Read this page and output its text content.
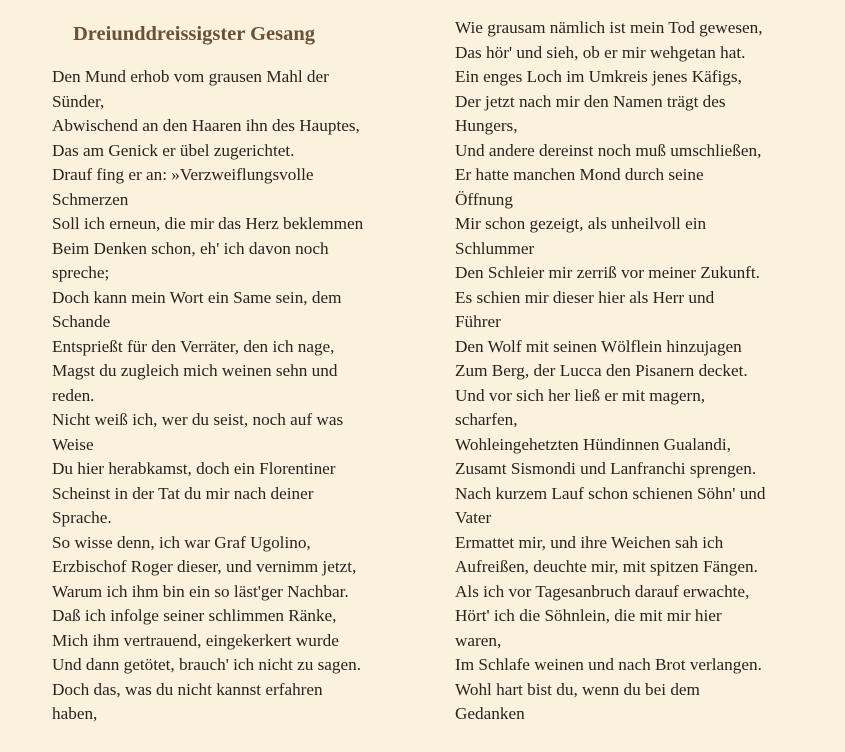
Dreiunddreissigster Gesang
Den Mund erhob vom grausen Mahl der
Sünder,
Abwischend an den Haaren ihn des Hauptes,
Das am Genick er übel zugerichtet.
Drauf fing er an: »Verzweiflungsvolle
Schmerzen
Soll ich erneun, die mir das Herz beklemmen
Beim Denken schon, eh' ich davon noch
spreche;
Doch kann mein Wort ein Same sein, dem
Schande
Entsprießt für den Verräter, den ich nage,
Magst du zugleich mich weinen sehn und
reden.
Nicht weiß ich, wer du seist, noch auf was
Weise
Du hier herabkamst, doch ein Florentiner
Scheinst in der Tat du mir nach deiner
Sprache.
So wisse denn, ich war Graf Ugolino,
Erzbischof Roger dieser, und vernimm jetzt,
Warum ich ihm bin ein so läst'ger Nachbar.
Daß ich infolge seiner schlimmen Ränke,
Mich ihm vertrauend, eingekerkert wurde
Und dann getötet, brauch' ich nicht zu sagen.
Doch das, was du nicht kannst erfahren
haben,
Wie grausam nämlich ist mein Tod gewesen,
Das hör' und sieh, ob er mir wehgetan hat.
Ein enges Loch im Umkreis jenes Käfigs,
Der jetzt nach mir den Namen trägt des
Hungers,
Und andere dereinst noch muß umschließen,
Er hatte manchen Mond durch seine
Öffnung
Mir schon gezeigt, als unheilvoll ein
Schlummer
Den Schleier mir zerriß vor meiner Zukunft.
Es schien mir dieser hier als Herr und
Führer
Den Wolf mit seinen Wölflein hinzujagen
Zum Berg, der Lucca den Pisanern decket.
Und vor sich her ließ er mit magern,
scharfen,
Wohleingehetzten Hündinnen Gualandi,
Zusamt Sismondi und Lanfranchi sprengen.
Nach kurzem Lauf schon schienen Söhn' und
Vater
Ermattet mir, und ihre Weichen sah ich
Aufreißen, deuchte mir, mit spitzen Fängen.
Als ich vor Tagesanbruch darauf erwachte,
Hört' ich die Söhnlein, die mit mir hier
waren,
Im Schlafe weinen und nach Brot verlangen.
Wohl hart bist du, wenn du bei dem
Gedanken
